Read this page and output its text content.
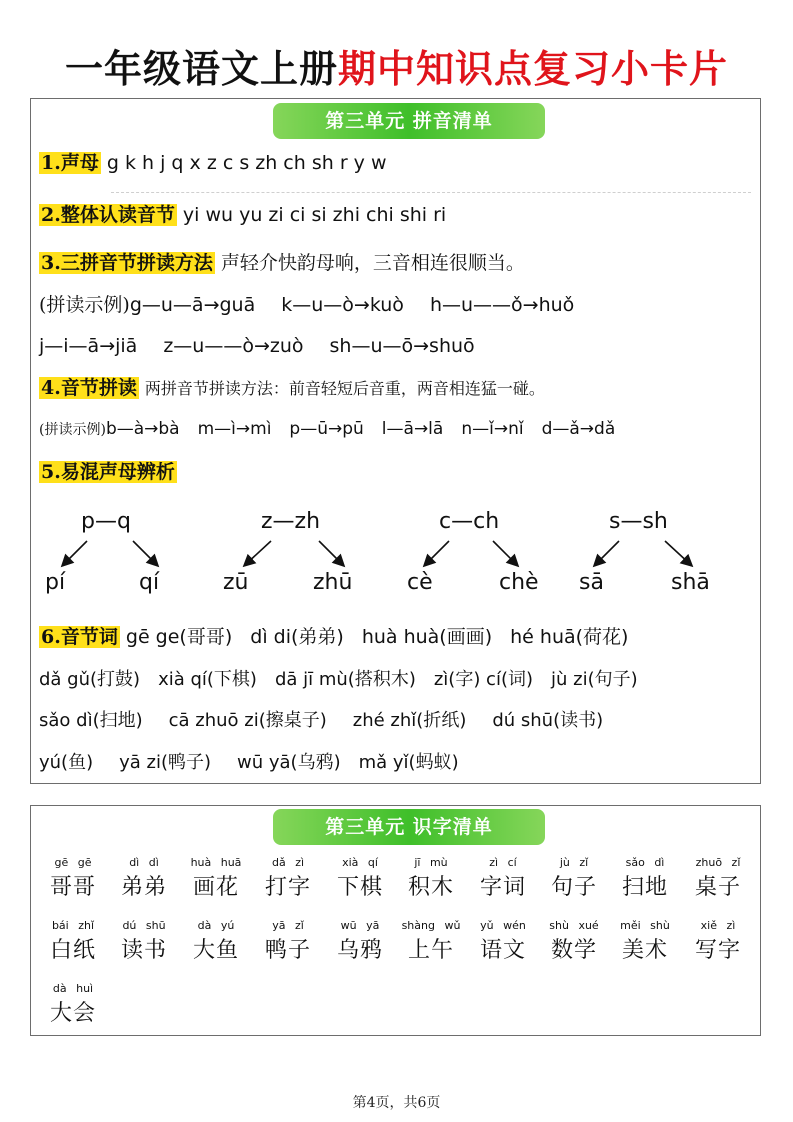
一年级语文上册期中知识点复习小卡片
第三单元 拼音清单
1.声母 g k h j q x z c s zh ch sh r y w
2.整体认读音节 yi wu yu zi ci si zhi chi shi ri
3.三拼音节拼读方法 声轻介快韵母响，三音相连很顺当。
(拼读示例)g—u—ā→guā k—u—ò→kuò h—u——ǒ→huǒ
j—i—ā→jiā z—u——ò→zuò sh—u—ō→shuō
4.音节拼读 两拼音节拼读方法：前音轻短后音重，两音相连猛一碰。
(拼读示例)b—à→bà m—ì→mì p—ū→pū l—ā→lā n—ǐ→nǐ d—ǎ→dǎ
5.易混声母辨析
p—q
pí	qí
z—zh
zū	zhū
c—ch
cè	chè
s—sh
sā	shā
6.音节词 gē ge(哥哥) dì di(弟弟) huà huà(画画) hé huā(荷花)
dǎ gǔ(打鼓) xià qí(下棋) dā jī mù(搭积木) zì(字) cí(词) jù zi(句子)
sǎo dì(扫地) cā zhuō zi(擦桌子) zhé zhǐ(折纸) dú shū(读书)
yú(鱼) yā zi(鸭子) wū yā(乌鸦) mǎ yǐ(蚂蚁)
第三单元 识字清单
gē gē
哥哥
dì dì
弟弟
huà huā
画花
dǎ zì
打字
xià qí
下棋
jī mù
积木
zì cí
字词
jù zǐ
句子
sǎo dì
扫地
zhuō zǐ
桌子
bái zhǐ
白纸
dú shū
读书
dà yú
大鱼
yā zǐ
鸭子
wū yā
乌鸦
shàng wǔ
上午
yǔ wén
语文
shù xué
数学
měi shù
美术
xiě zì
写字
dà huì
大会
第4页，共6页
